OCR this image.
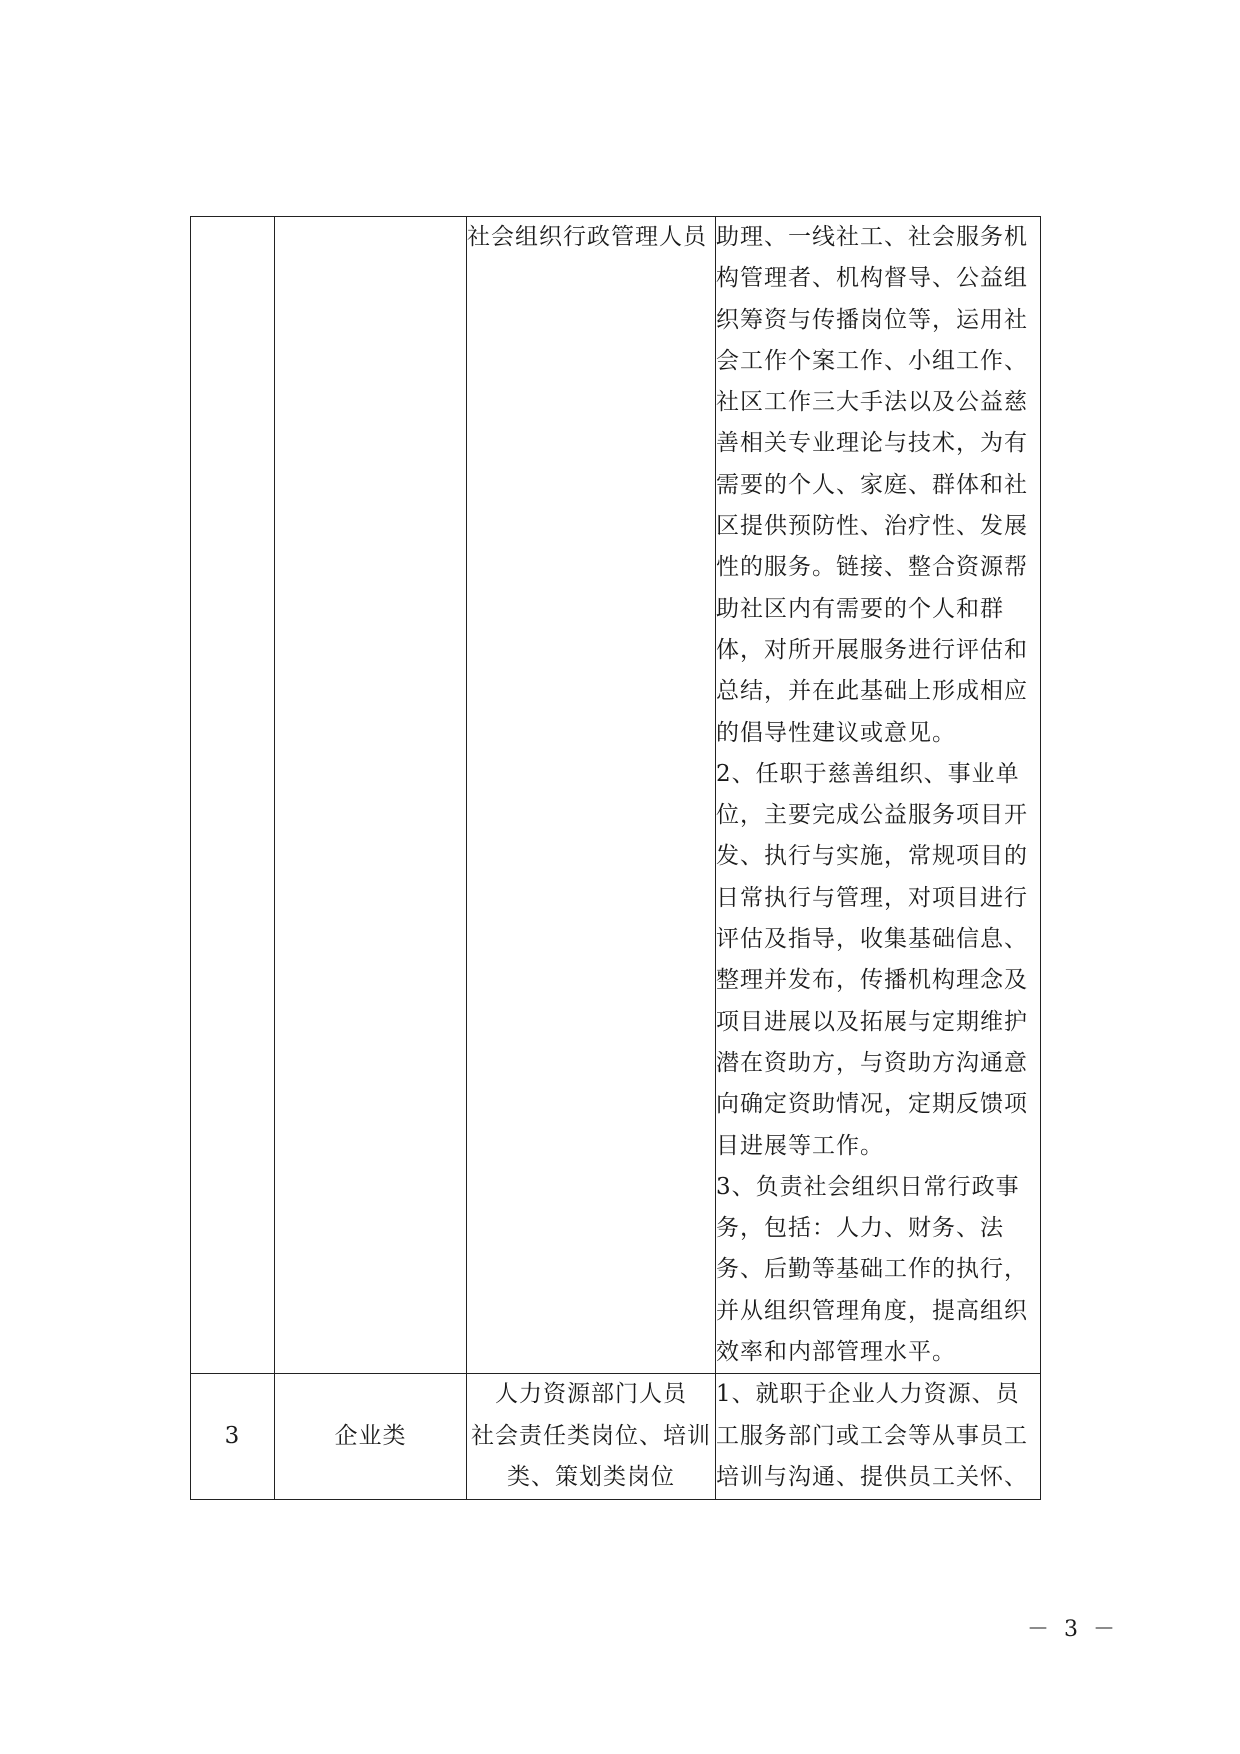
		社会组织行政管理人员	助理、一线社工、社会服务机构管理者、机构督导、公益组织筹资与传播岗位等，运用社会工作个案工作、小组工作、社区工作三大手法以及公益慈善相关专业理论与技术，为有需要的个人、家庭、群体和社区提供预防性、治疗性、发展性的服务。链接、整合资源帮助社区内有需要的个人和群体，对所开展服务进行评估和总结，并在此基础上形成相应的倡导性建议或意见。

2、任职于慈善组织、事业单位，主要完成公益服务项目开发、执行与实施，常规项目的日常执行与管理，对项目进行评估及指导，收集基础信息、整理并发布，传播机构理念及项目进展以及拓展与定期维护潜在资助方，与资助方沟通意向确定资助情况，定期反馈项目进展等工作。

3、负责社会组织日常行政事务，包括：人力、财务、法务、后勤等基础工作的执行，并从组织管理角度，提高组织效率和内部管理水平。

3	企业类	人力资源部门人员
社会责任类岗位、培训
类、策划类岗位	1、就职于企业人力资源、员工服务部门或工会等从事员工培训与沟通、提供员工关怀、

－ 3 －
